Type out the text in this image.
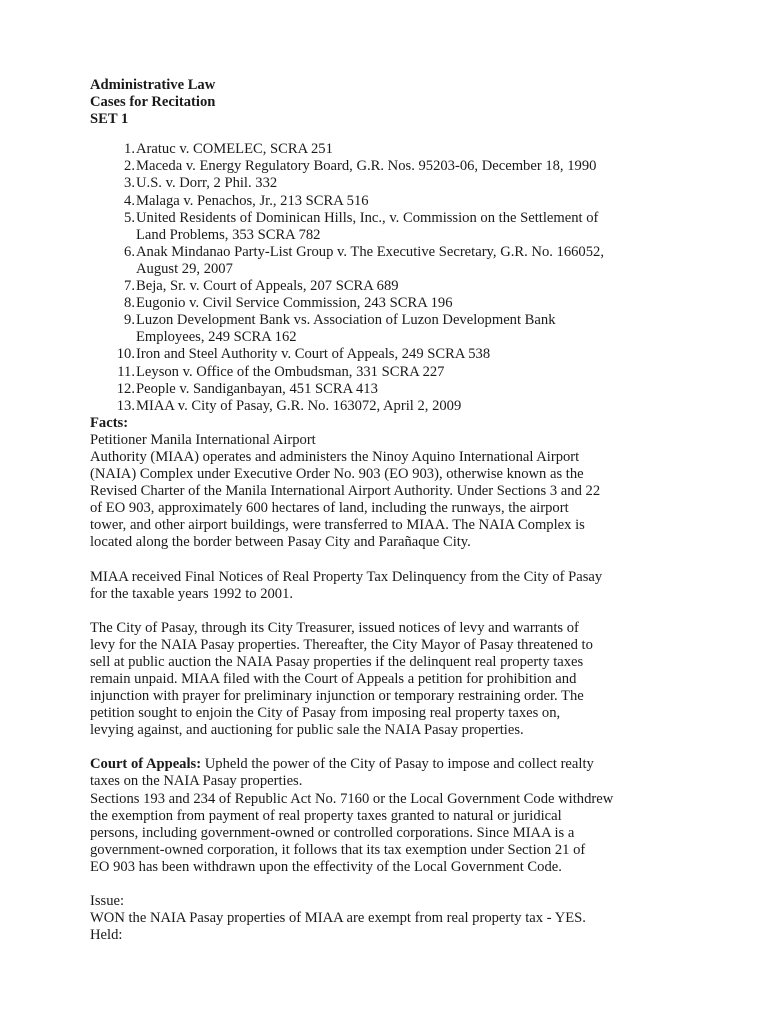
Administrative Law
Cases for Recitation
SET 1
1. Aratuc v. COMELEC, SCRA 251
2. Maceda v. Energy Regulatory Board, G.R. Nos. 95203-06, December 18, 1990
3. U.S. v. Dorr, 2 Phil. 332
4. Malaga v. Penachos, Jr., 213 SCRA 516
5. United Residents of Dominican Hills, Inc., v. Commission on the Settlement of
Land Problems, 353 SCRA 782
6. Anak Mindanao Party-List Group v. The Executive Secretary, G.R. No. 166052,
August 29, 2007
7. Beja, Sr. v. Court of Appeals, 207 SCRA 689
8. Eugonio v. Civil Service Commission, 243 SCRA 196
9. Luzon Development Bank vs. Association of Luzon Development Bank
Employees, 249 SCRA 162
10. Iron and Steel Authority v. Court of Appeals, 249 SCRA 538
11. Leyson v. Office of the Ombudsman, 331 SCRA 227
12. People v. Sandiganbayan, 451 SCRA 413
13. MIAA v. City of Pasay, G.R. No. 163072, April 2, 2009
Facts:
Petitioner Manila International Airport
Authority (MIAA) operates and administers the Ninoy Aquino International Airport
(NAIA) Complex under Executive Order No. 903 (EO 903), otherwise known as the
Revised Charter of the Manila International Airport Authority. Under Sections 3 and 22
of EO 903, approximately 600 hectares of land, including the runways, the airport
tower, and other airport buildings, were transferred to MIAA. The NAIA Complex is
located along the border between Pasay City and Parañaque City.
MIAA received Final Notices of Real Property Tax Delinquency from the City of Pasay
for the taxable years 1992 to 2001.
The City of Pasay, through its City Treasurer, issued notices of levy and warrants of
levy for the NAIA Pasay properties. Thereafter, the City Mayor of Pasay threatened to
sell at public auction the NAIA Pasay properties if the delinquent real property taxes
remain unpaid. MIAA filed with the Court of Appeals a petition for prohibition and
injunction with prayer for preliminary injunction or temporary restraining order. The
petition sought to enjoin the City of Pasay from imposing real property taxes on,
levying against, and auctioning for public sale the NAIA Pasay properties.
Court of Appeals: Upheld the power of the City of Pasay to impose and collect realty
taxes on the NAIA Pasay properties.
Sections 193 and 234 of Republic Act No. 7160 or the Local Government Code withdrew
the exemption from payment of real property taxes granted to natural or juridical
persons, including government-owned or controlled corporations. Since MIAA is a
government-owned corporation, it follows that its tax exemption under Section 21 of
EO 903 has been withdrawn upon the effectivity of the Local Government Code.
Issue:
WON the NAIA Pasay properties of MIAA are exempt from real property tax - YES.
Held:
